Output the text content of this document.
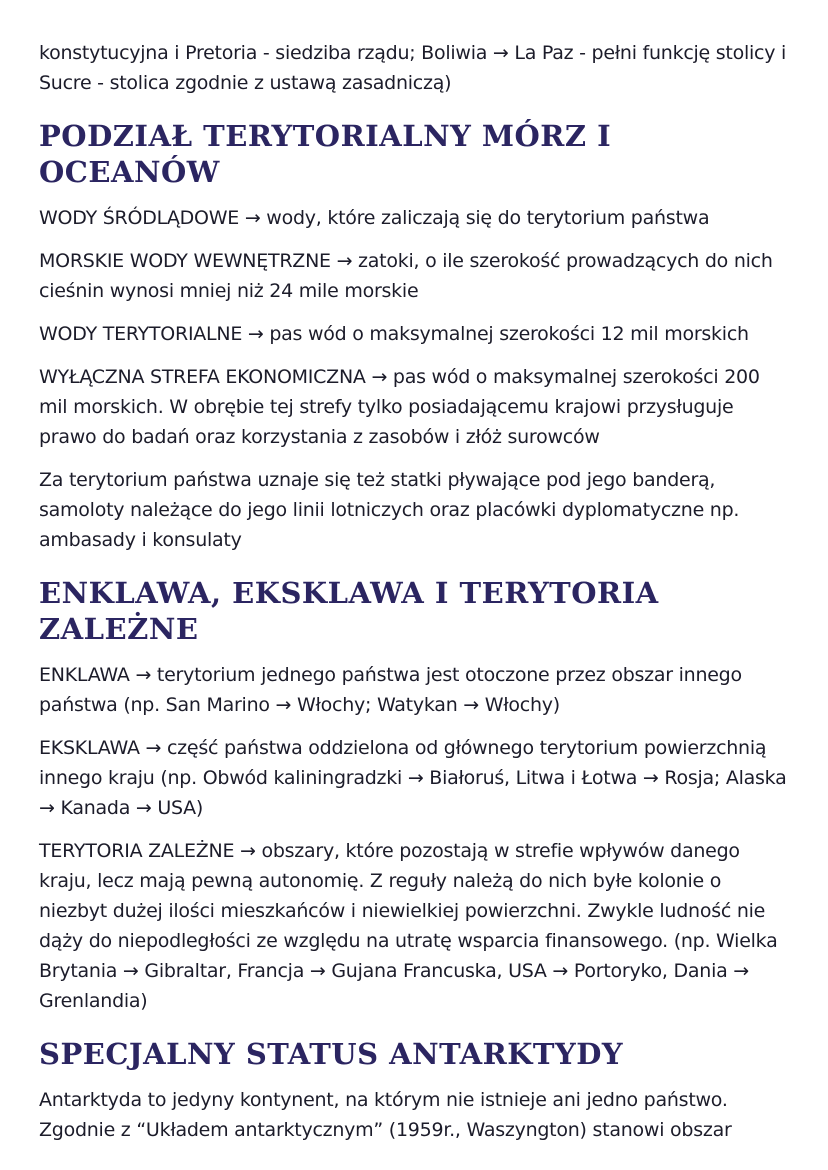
konstytucyjna i Pretoria - siedziba rządu; Boliwia → La Paz - pełni funkcję stolicy i Sucre - stolica zgodnie z ustawą zasadniczą)

PODZIAŁ TERYTORIALNY MÓRZ I OCEANÓW

WODY ŚRÓDLĄDOWE → wody, które zaliczają się do terytorium państwa

MORSKIE WODY WEWNĘTRZNE → zatoki, o ile szerokość prowadzących do nich cieśnin wynosi mniej niż 24 mile morskie

WODY TERYTORIALNE → pas wód o maksymalnej szerokości 12 mil morskich

WYŁĄCZNA STREFA EKONOMICZNA → pas wód o maksymalnej szerokości 200 mil morskich. W obrębie tej strefy tylko posiadającemu krajowi przysługuje prawo do badań oraz korzystania z zasobów i złóż surowców

Za terytorium państwa uznaje się też statki pływające pod jego banderą, samoloty należące do jego linii lotniczych oraz placówki dyplomatyczne np. ambasady i konsulaty

ENKLAWA, EKSKLAWA I TERYTORIA ZALEŻNE

ENKLAWA → terytorium jednego państwa jest otoczone przez obszar innego państwa (np. San Marino → Włochy; Watykan → Włochy)

EKSKLAWA → część państwa oddzielona od głównego terytorium powierzchnią innego kraju (np. Obwód kaliningradzki → Białoruś, Litwa i Łotwa → Rosja; Alaska → Kanada → USA)

TERYTORIA ZALEŻNE → obszary, które pozostają w strefie wpływów danego kraju, lecz mają pewną autonomię. Z reguły należą do nich byłe kolonie o niezbyt dużej ilości mieszkańców i niewielkiej powierzchni. Zwykle ludność nie dąży do niepodległości ze względu na utratę wsparcia finansowego. (np. Wielka Brytania → Gibraltar, Francja → Gujana Francuska, USA → Portoryko, Dania → Grenlandia)

SPECJALNY STATUS ANTARKTYDY

Antarktyda to jedyny kontynent, na którym nie istnieje ani jedno państwo. Zgodnie z “Układem antarktycznym” (1959r., Waszyngton) stanowi obszar
